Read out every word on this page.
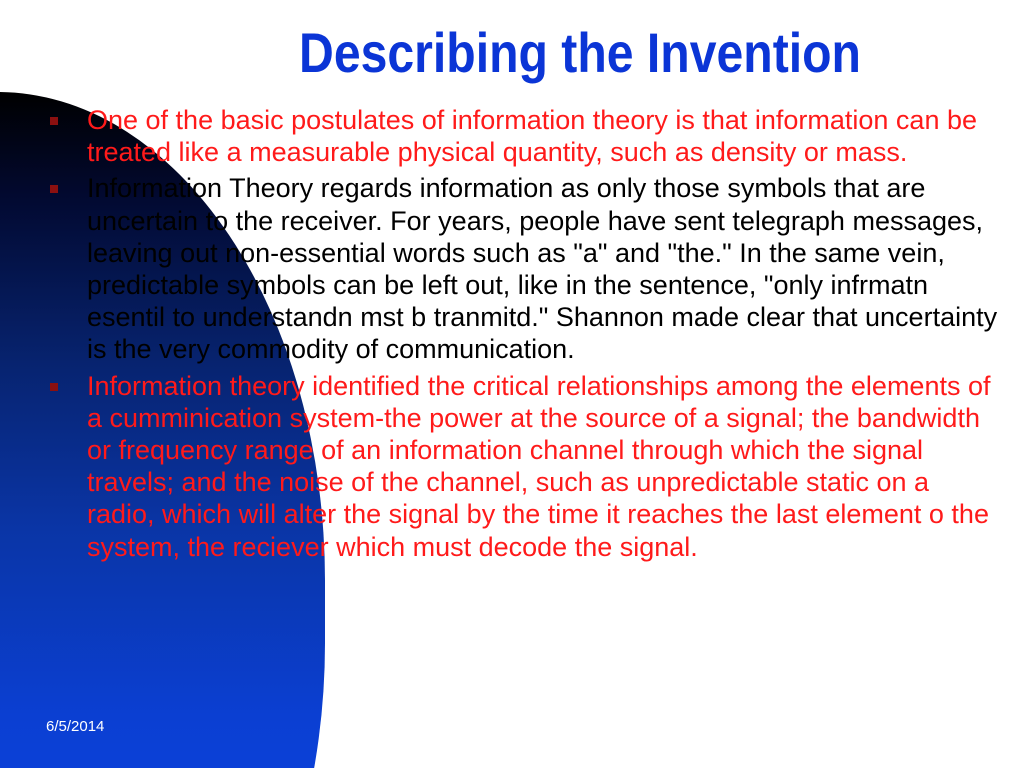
Describing the Invention
One of the basic postulates of information theory is that information can be treated like a measurable physical quantity, such as density or mass.
Information Theory regards information as only those symbols that are uncertain to the receiver. For years, people have sent telegraph messages, leaving out non-essential words such as "a" and "the." In the same vein, predictable symbols can be left out, like in the sentence, "only infrmatn esentil to understandn mst b tranmitd." Shannon made clear that uncertainty is the very commodity of communication.
Information theory identified the critical relationships among the elements of a cumminication system-the power at the source of a signal; the bandwidth or frequency range of an information channel through which the signal travels; and the noise of the channel, such as unpredictable static on a radio, which will alter the signal by the time it reaches the last element o the system, the reciever which must decode the signal.
6/5/2014
